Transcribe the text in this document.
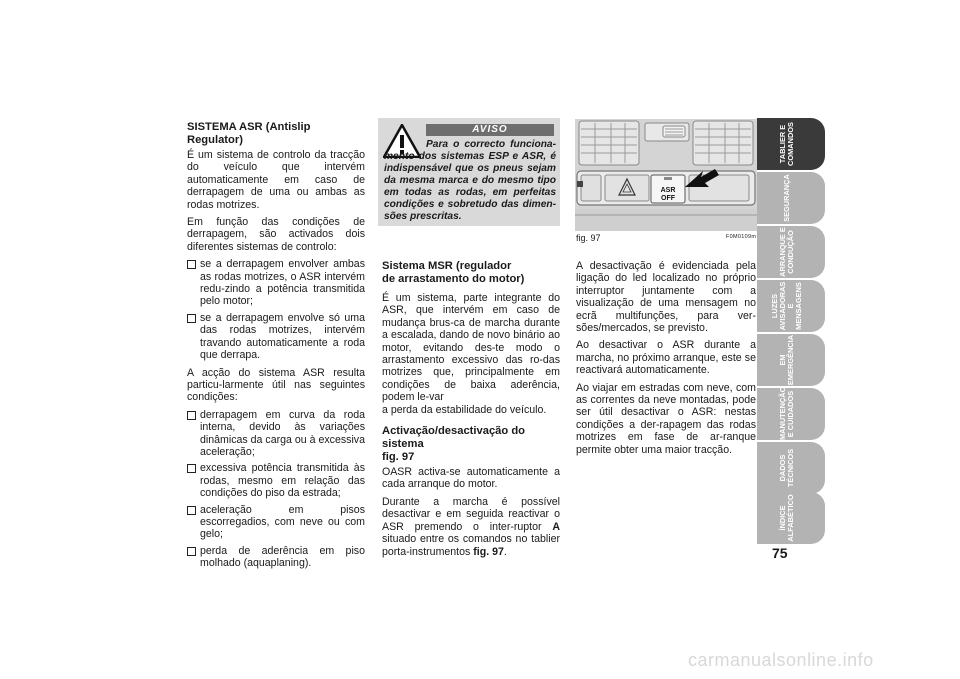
SISTEMA ASR (Antislip Regulator)

É um sistema de controlo da tracção do veículo que intervém automaticamente em caso de derrapagem de uma ou ambas as rodas motrizes.

Em função das condições de derrapagem, são activados dois diferentes sistemas de controlo:

se a derrapagem envolver ambas as rodas motrizes, o ASR intervém redu-zindo a potência transmitida pelo motor;
se a derrapagem envolve só uma das rodas motrizes, intervém travando automaticamente a roda que derrapa.

A acção do sistema ASR resulta particu-larmente útil nas seguintes condições:

derrapagem em curva da roda interna, devido às variações dinâmicas da carga ou à excessiva aceleração;
excessiva potência transmitida às rodas, mesmo em relação das condições do piso da estrada;
aceleração em pisos escorregadios, com neve ou com gelo;
perda de aderência em piso molhado (aquaplaning).
AVISO
Para o correcto funciona-mento dos sistemas ESP e ASR, é indispensável que os pneus sejam da mesma marca e do mesmo tipo em todas as rodas, em perfeitas condições e sobretudo das dimen-sões prescritas.
Sistema MSR (regulador
de arrastamento do motor)

É um sistema, parte integrante do ASR, que intervém em caso de mudança brus-ca de marcha durante a escalada, dando de novo binário ao motor, evitando des-te modo o arrastamento excessivo das ro-das motrizes que, principalmente em condições de baixa aderência, podem le-var

a perda da estabilidade do veículo.

Activação/desactivação do sistema
fig. 97

OASR activa-se automaticamente a cada arranque do motor.

Durante a marcha é possível desactivar e em seguida reactivar o ASR premendo o inter-ruptor A situado entre os comandos no tablier porta-instrumentos fig. 97.

ASR
OFF
fig. 97	F0M0109m

A desactivação é evidenciada pela ligação do led localizado no próprio interruptor juntamente com a visualização de uma mensagem no ecrã multifunções, para ver-sões/mercados, se previsto.

Ao desactivar o ASR durante a marcha, no próximo arranque, este se reactivará automaticamente.

Ao viajar em estradas com neve, com as correntes da neve montadas, pode ser útil desactivar o ASR: nestas condições a der-rapagem das rodas motrizes em fase de ar-ranque permite obter uma maior tracção.

TABLIER E COMANDOS
SEGURANÇA
ARRANQUE E CONDUÇÃO
LUZES AVISADORAS E MENSAGENS
EM EMERGÊNCIA
MANUTENÇÃO E CUIDADOS
DADOS TÉCNICOS
ÍNDICE ALFABÉTICO
75
carmanualsonline.info
